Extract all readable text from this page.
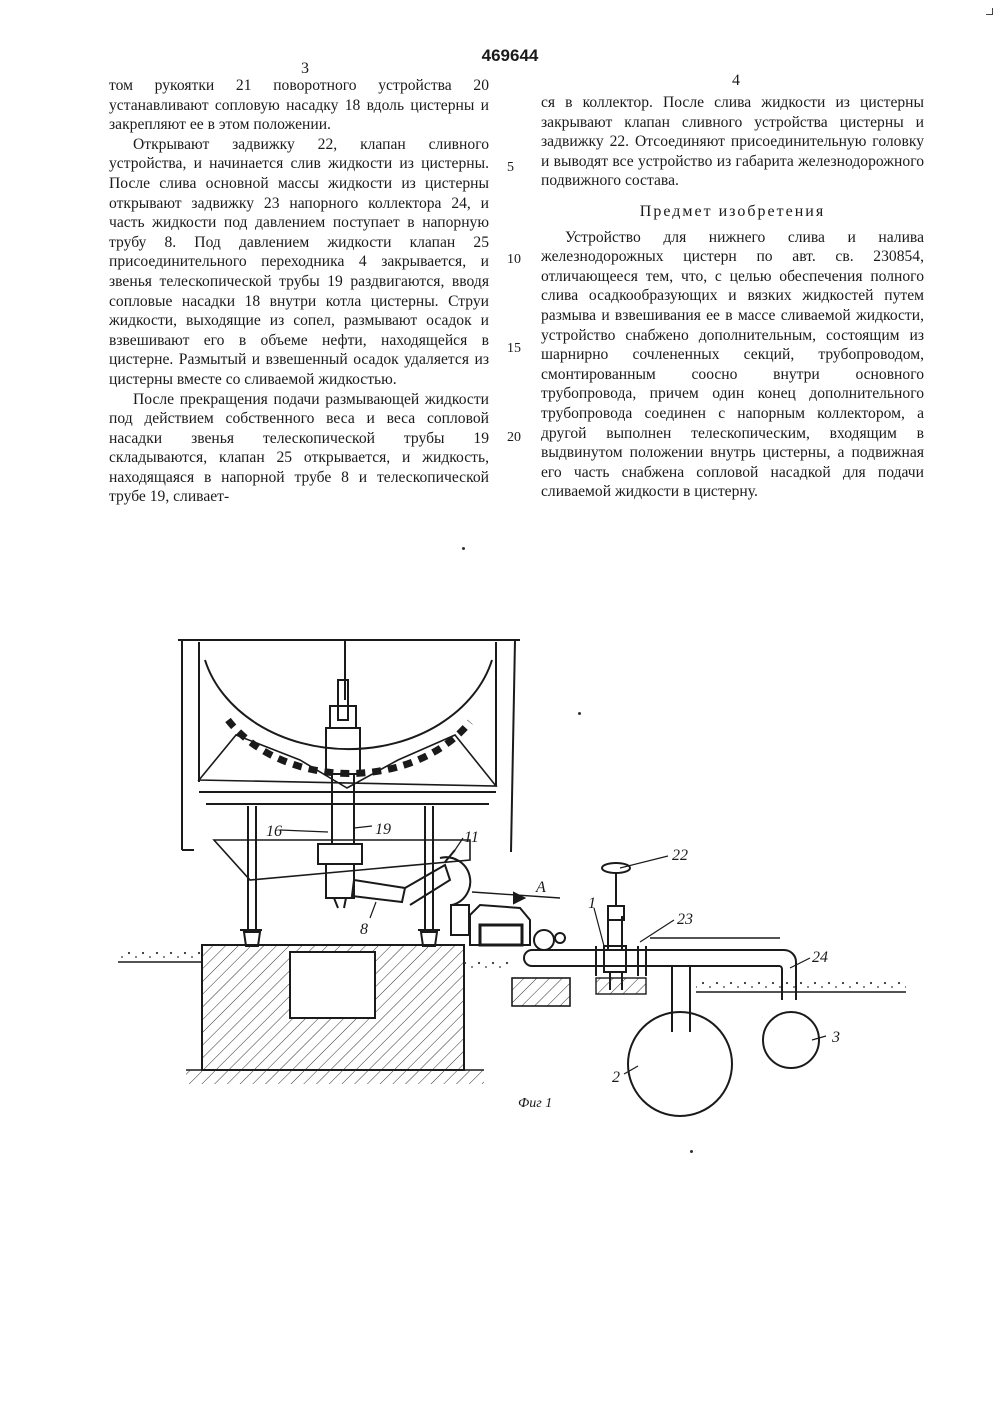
469644
3
4

том рукоятки 21 поворотного устройства 20 устанавливают сопловую насадку 18 вдоль цистерны и закрепляют ее в этом положении.

Открывают задвижку 22, клапан сливного устройства, и начинается слив жидкости из цистерны. После слива основной массы жидкости из цистерны открывают задвижку 23 напорного коллектора 24, и часть жидкости под давлением поступает в напорную трубу 8. Под давлением жидкости клапан 25 присоединительного переходника 4 закрывается, и звенья телескопической трубы 19 раздвигаются, вводя сопловые насадки 18 внутри котла цистерны. Струи жидкости, выходящие из сопел, размывают осадок и взвешивают его в объеме нефти, находящейся в цистерне. Размытый и взвешенный осадок удаляется из цистерны вместе со сливаемой жидкостью.

После прекращения подачи размывающей жидкости под действием собственного веса и веса сопловой насадки звенья телескопической трубы 19 складываются, клапан 25 открывается, и жидкость, находящаяся в напорной трубе 8 и телескопической трубе 19, сливает-

ся в коллектор. После слива жидкости из цистерны закрывают клапан сливного устройства цистерны и задвижку 22. Отсоединяют присоединительную головку и выводят все устройство из габарита железнодорожного подвижного состава.

Предмет изобретения

Устройство для нижнего слива и налива железнодорожных цистерн по авт. св. 230854, отличающееся тем, что, с целью обеспечения полного слива осадкообразующих и вязких жидкостей путем размыва и взвешивания ее в массе сливаемой жидкости, устройство снабжено дополнительным, состоящим из шарнирно сочлененных секций, трубопроводом, смонтированным соосно внутри основного трубопровода, причем один конец дополнительного трубопровода соединен с напорным коллектором, а другой выполнен телескопическим, входящим в выдвинутом положении внутрь цистерны, а подвижная его часть снабжена сопловой насадкой для подачи сливаемой жидкости в цистерну.

5
10
15
20
16	19	11
8
A
22
1
23
24
2
3
Фиг 1
